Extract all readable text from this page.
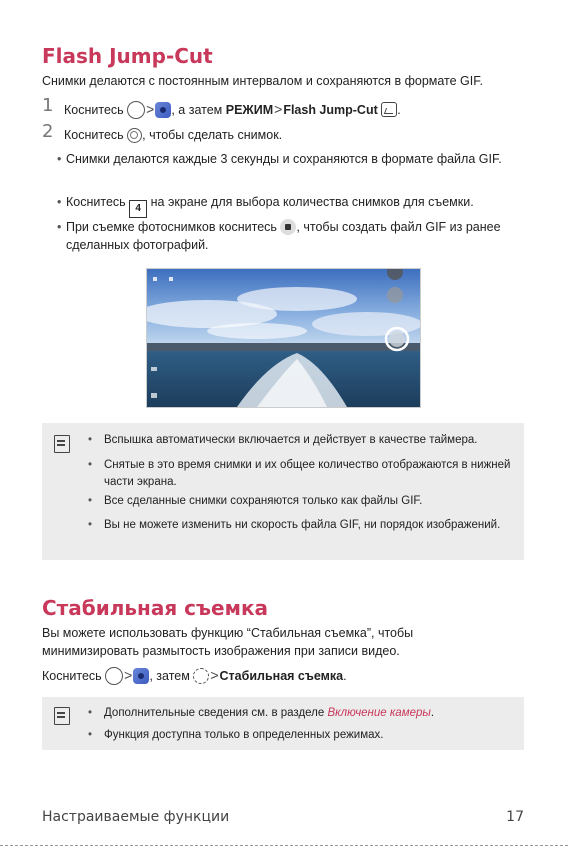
Flash Jump-Cut
Снимки делаются с постоянным интервалом и сохраняются в формате GIF.
1 Коснитесь > , а затем РЕЖИМ>Flash Jump-Cut .
2 Коснитесь , чтобы сделать снимок.
• Снимки делаются каждые 3 секунды и сохраняются в формате файла GIF.
• Коснитесь 4 на экране для выбора количества снимков для съемки.
• При съемке фотоснимков коснитесь , чтобы создать файл GIF из ранее сделанных фотографий.
• Вспышка автоматически включается и действует в качестве таймера.
• Снятые в это время снимки и их общее количество отображаются в нижней части экрана.
• Все сделанные снимки сохраняются только как файлы GIF.
• Вы не можете изменить ни скорость файла GIF, ни порядок изображений.
Стабильная съемка
Вы можете использовать функцию “Стабильная съемка”, чтобы минимизировать размытость изображения при записи видео.
Коснитесь > , затем >Стабильная съемка.
• Дополнительные сведения см. в разделе Включение камеры.
• Функция доступна только в определенных режимах.
Настраиваемые функции	17
